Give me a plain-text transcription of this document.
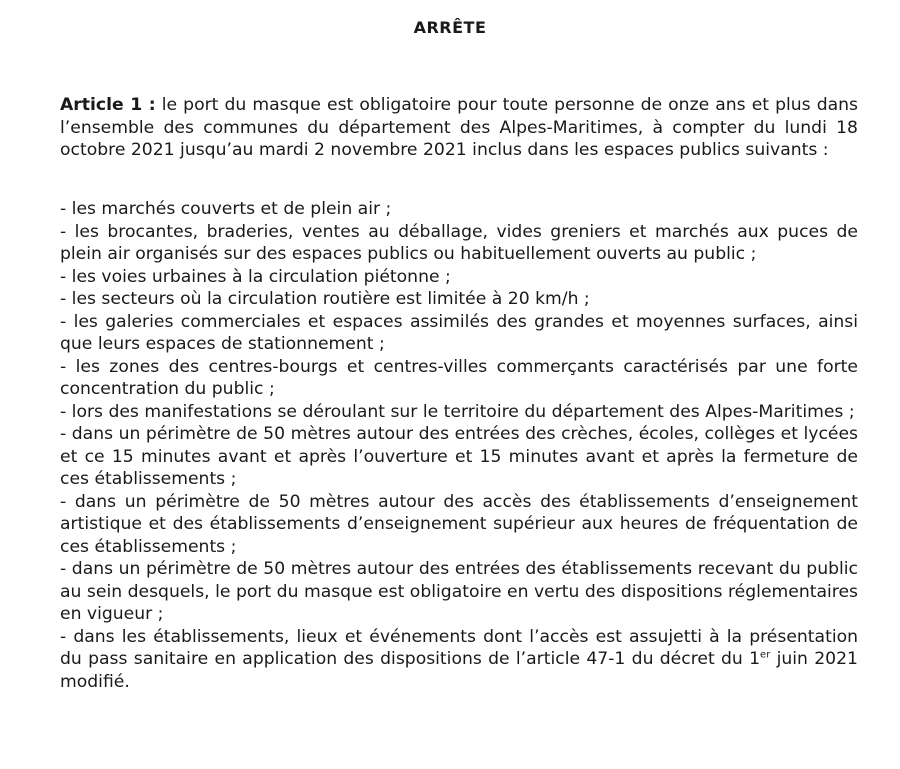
ARRÊTE

Article 1 : le port du masque est obligatoire pour toute personne de onze ans et plus dans l’ensemble des communes du département des Alpes-Maritimes, à compter du lundi 18 octobre 2021 jusqu’au mardi 2 novembre 2021 inclus dans les espaces publics suivants :

- les marchés couverts et de plein air ;
- les brocantes, braderies, ventes au déballage, vides greniers et marchés aux puces de plein air organisés sur des espaces publics ou habituellement ouverts au public ;
- les voies urbaines à la circulation piétonne ;
- les secteurs où la circulation routière est limitée à 20 km/h ;
- les galeries commerciales et espaces assimilés des grandes et moyennes surfaces, ainsi que leurs espaces de stationnement ;
- les zones des centres-bourgs et centres-villes commerçants caractérisés par une forte concentration du public ;
- lors des manifestations se déroulant sur le territoire du département des Alpes-Maritimes ;
- dans un périmètre de 50 mètres autour des entrées des crèches, écoles, collèges et lycées et ce 15 minutes avant et après l’ouverture et 15 minutes avant et après la fermeture de ces établissements ;
- dans un périmètre de 50 mètres autour des accès des établissements d’enseignement artistique et des établissements d’enseignement supérieur aux heures de fréquentation de ces établissements ;
- dans un périmètre de 50 mètres autour des entrées des établissements recevant du public au sein desquels, le port du masque est obligatoire en vertu des dispositions réglementaires en vigueur ;
- dans les établissements, lieux et événements dont l’accès est assujetti à la présentation du pass sanitaire en application des dispositions de l’article 47-1 du décret du 1er juin 2021 modifié.
